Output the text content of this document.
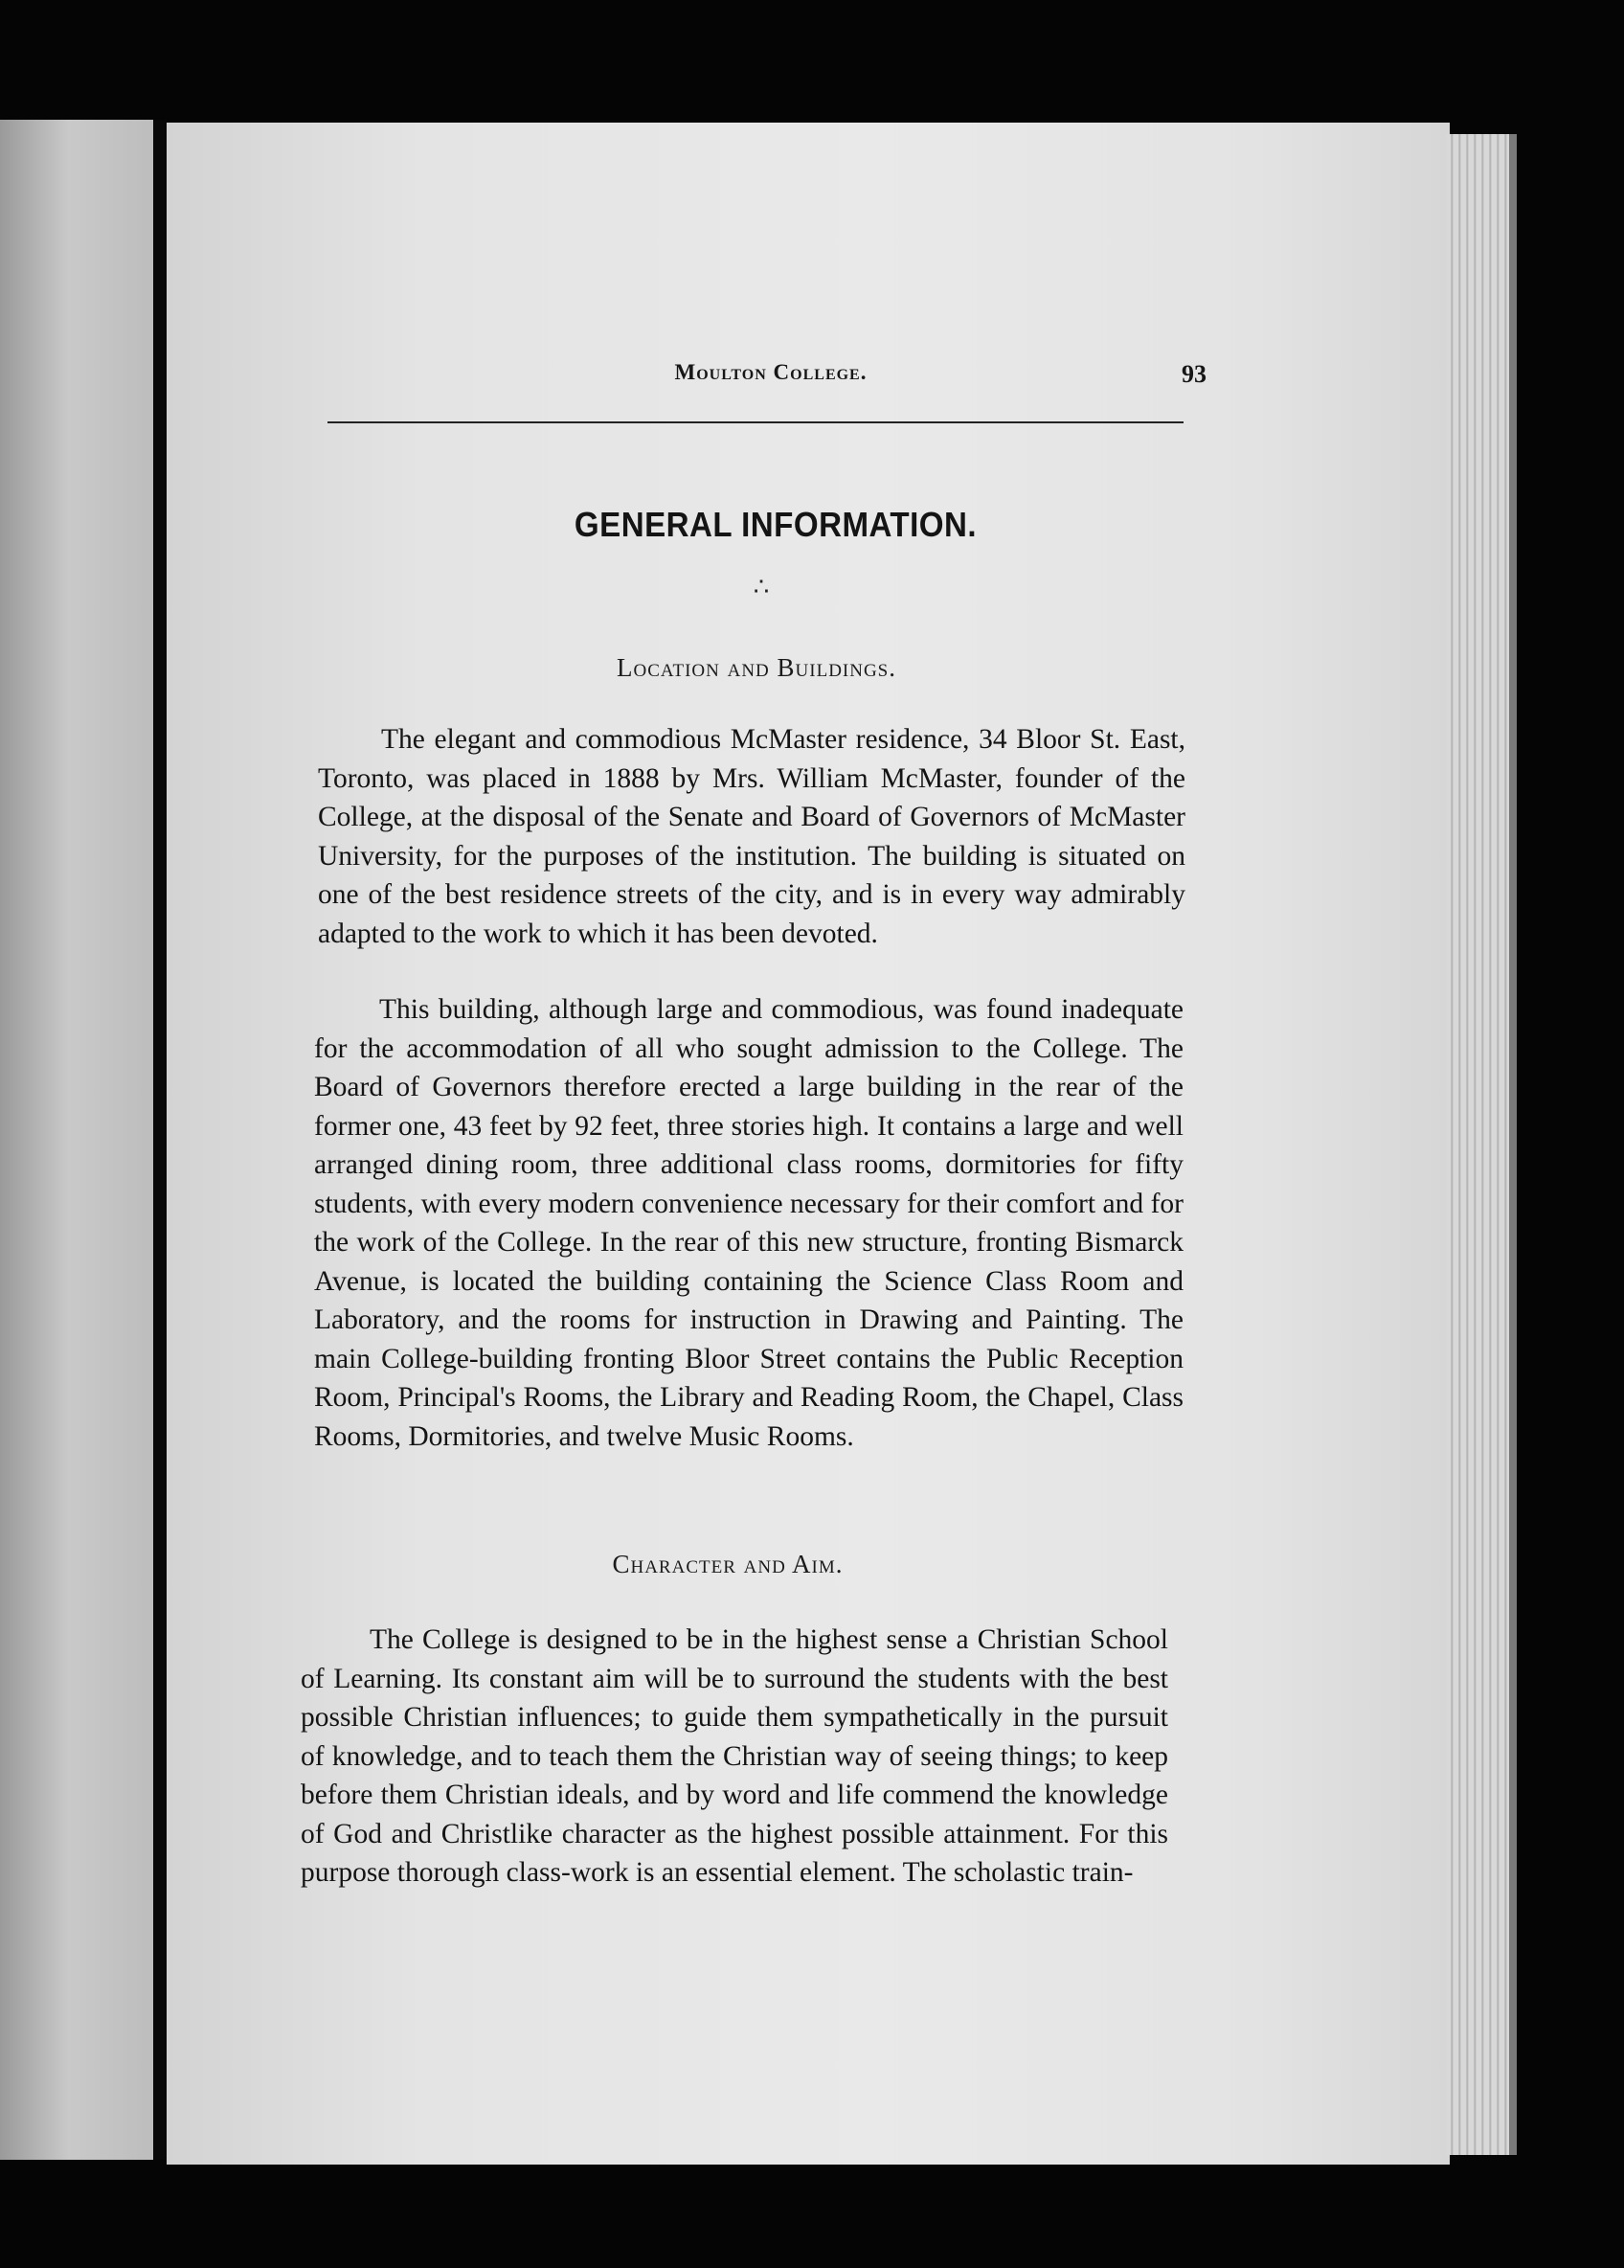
Moulton College.	93
GENERAL INFORMATION.
∴
Location and Buildings.

The elegant and commodious McMaster residence, 34 Bloor St. East, Toronto, was placed in 1888 by Mrs. William McMaster, founder of the College, at the disposal of the Senate and Board of Governors of McMaster University, for the purposes of the institution. The building is situated on one of the best residence streets of the city, and is in every way admirably adapted to the work to which it has been devoted.

This building, although large and commodious, was found inadequate for the accommodation of all who sought admission to the College. The Board of Governors therefore erected a large building in the rear of the former one, 43 feet by 92 feet, three stories high. It contains a large and well arranged dining room, three additional class rooms, dormitories for fifty students, with every modern convenience necessary for their comfort and for the work of the College. In the rear of this new structure, fronting Bismarck Avenue, is located the building containing the Science Class Room and Laboratory, and the rooms for instruction in Drawing and Painting. The main College-building fronting Bloor Street contains the Public Reception Room, Principal's Rooms, the Library and Reading Room, the Chapel, Class Rooms, Dormitories, and twelve Music Rooms.

Character and Aim.

The College is designed to be in the highest sense a Christian School of Learning. Its constant aim will be to surround the students with the best possible Christian influences; to guide them sympathetically in the pursuit of knowledge, and to teach them the Christian way of seeing things; to keep before them Christian ideals, and by word and life commend the knowledge of God and Christlike character as the highest possible attainment. For this purpose thorough class-work is an essential element. The scholastic train-
